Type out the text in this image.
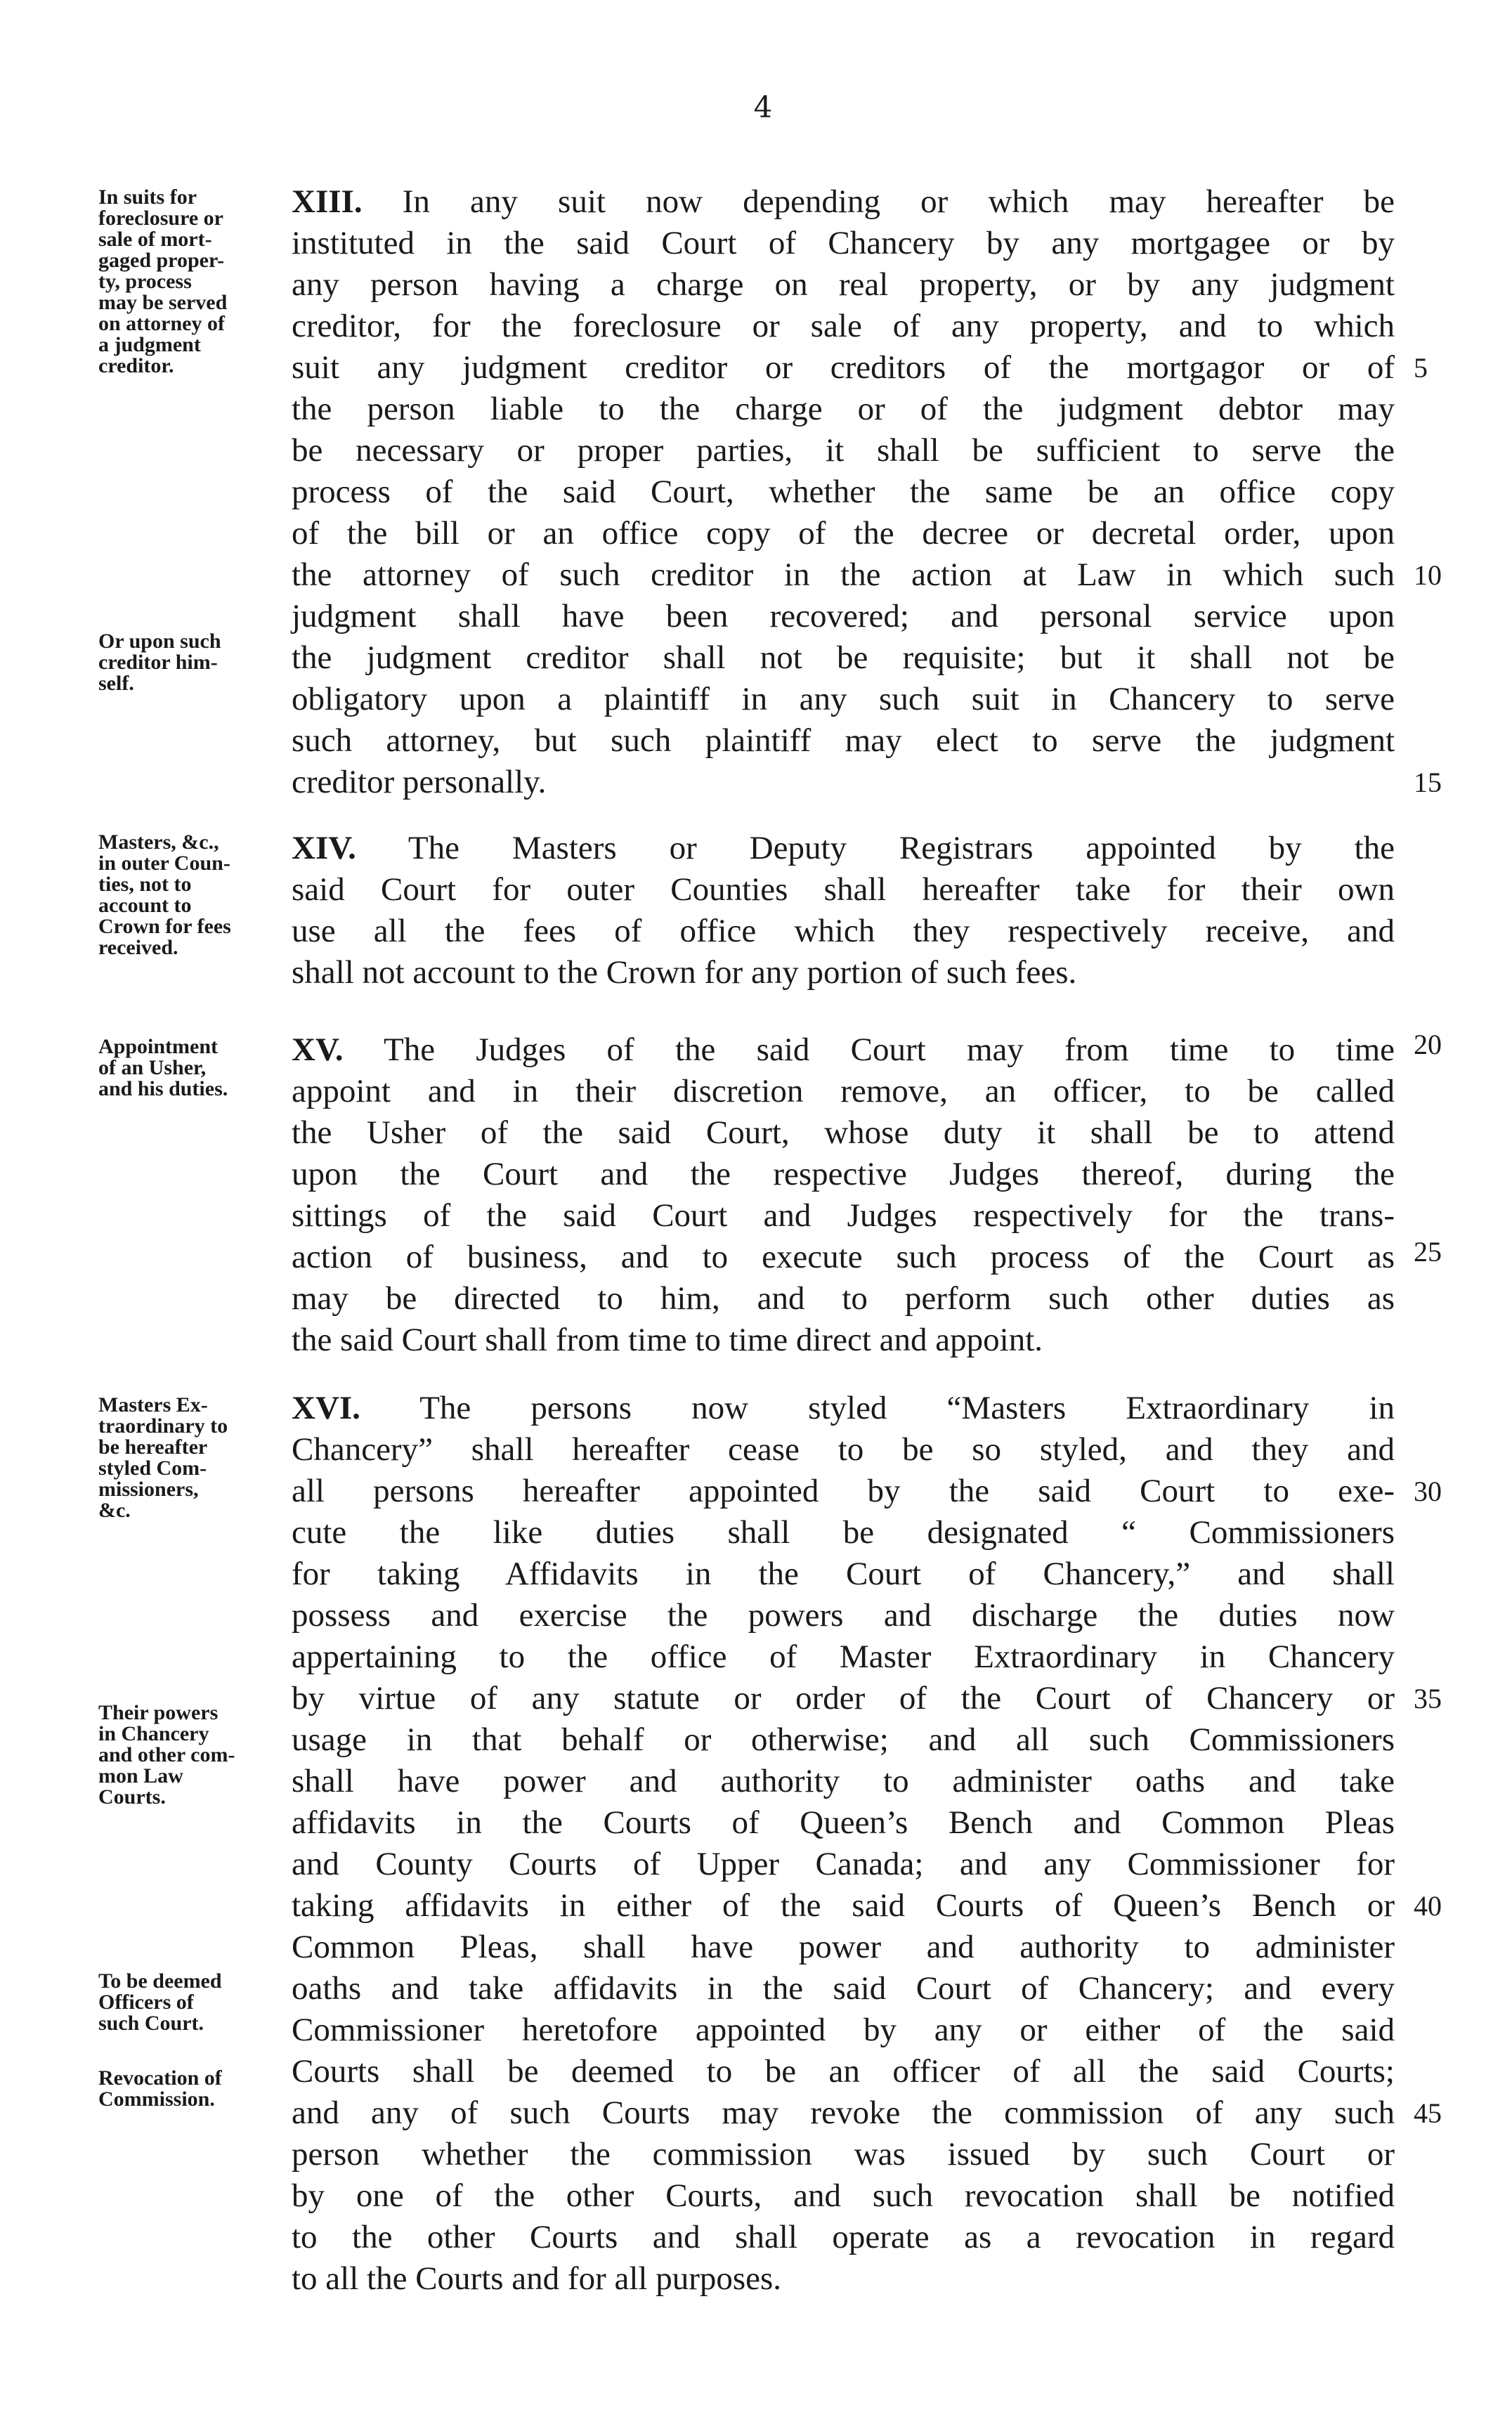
4
In suits for
foreclosure or
sale of mort-
gaged proper-
ty, process
may be served
on attorney of
a judgment
creditor.
Or upon such
creditor him-
self.
XIII. In any suit now depending or which may hereafter be
instituted in the said Court of Chancery by any mortgagee or by
any person having a charge on real property, or by any judgment
creditor, for the foreclosure or sale of any property, and to which
suit any judgment creditor or creditors of the mortgagor or of
the person liable to the charge or of the judgment debtor may
be necessary or proper parties, it shall be sufficient to serve the
process of the said Court, whether the same be an office copy
of the bill or an office copy of the decree or decretal order, upon
the attorney of such creditor in the action at Law in which such
judgment shall have been recovered; and personal service upon
the judgment creditor shall not be requisite; but it shall not be
obligatory upon a plaintiff in any such suit in Chancery to serve
such attorney, but such plaintiff may elect to serve the judgment
creditor personally.
5
10
15
Masters, &c.,
in outer Coun-
ties, not to
account to
Crown for fees
received.
XIV. The Masters or Deputy Registrars appointed by the
said Court for outer Counties shall hereafter take for their own
use all the fees of office which they respectively receive, and
shall not account to the Crown for any portion of such fees.
Appointment
of an Usher,
and his duties.
XV. The Judges of the said Court may from time to time
appoint and in their discretion remove, an officer, to be called
the Usher of the said Court, whose duty it shall be to attend
upon the Court and the respective Judges thereof, during the
sittings of the said Court and Judges respectively for the trans-
action of business, and to execute such process of the Court as
may be directed to him, and to perform such other duties as
the said Court shall from time to time direct and appoint.
20
25
Masters Ex-
traordinary to
be hereafter
styled Com-
missioners,
&c.
Their powers
in Chancery
and other com-
mon Law
Courts.
To be deemed
Officers of
such Court.
Revocation of
Commission.
XVI. The persons now styled “Masters Extraordinary in
Chancery” shall hereafter cease to be so styled, and they and
all persons hereafter appointed by the said Court to exe-
cute the like duties shall be designated “ Commissioners
for taking Affidavits in the Court of Chancery,” and shall
possess and exercise the powers and discharge the duties now
appertaining to the office of Master Extraordinary in Chancery
by virtue of any statute or order of the Court of Chancery or
usage in that behalf or otherwise; and all such Commissioners
shall have power and authority to administer oaths and take
affidavits in the Courts of Queen’s Bench and Common Pleas
and County Courts of Upper Canada; and any Commissioner for
taking affidavits in either of the said Courts of Queen’s Bench or
Common Pleas, shall have power and authority to administer
oaths and take affidavits in the said Court of Chancery; and every
Commissioner heretofore appointed by any or either of the said
Courts shall be deemed to be an officer of all the said Courts;
and any of such Courts may revoke the commission of any such
person whether the commission was issued by such Court or
by one of the other Courts, and such revocation shall be notified
to the other Courts and shall operate as a revocation in regard
to all the Courts and for all purposes.
30
35
40
45
